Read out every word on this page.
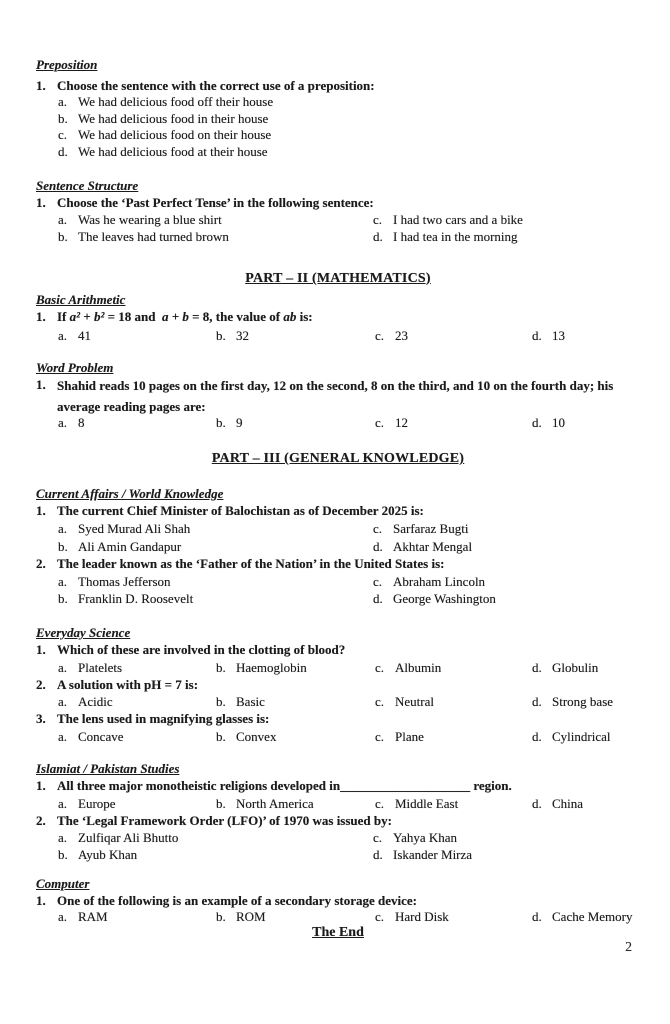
Preposition
1. Choose the sentence with the correct use of a preposition:
a. We had delicious food off their house
b. We had delicious food in their house
c. We had delicious food on their house
d. We had delicious food at their house
Sentence Structure
1. Choose the ‘Past Perfect Tense’ in the following sentence:
a. Was he wearing a blue shirt	c. I had two cars and a bike
b. The leaves had turned brown	d. I had tea in the morning
PART – II (MATHEMATICS)
Basic Arithmetic
1. If a² + b² = 18 and  a + b = 8, the value of ab is:
a. 41	b. 32	c. 23	d. 13
Word Problem
1. Shahid reads 10 pages on the first day, 12 on the second, 8 on the third, and 10 on the fourth day; his
average reading pages are:
a. 8	b. 9	c. 12	d. 10
PART – III (GENERAL KNOWLEDGE)
Current Affairs / World Knowledge
1. The current Chief Minister of Balochistan as of December 2025 is:
a. Syed Murad Ali Shah	c. Sarfaraz Bugti
b. Ali Amin Gandapur	d. Akhtar Mengal
2. The leader known as the ‘Father of the Nation’ in the United States is:
a. Thomas Jefferson	c. Abraham Lincoln
b. Franklin D. Roosevelt	d. George Washington
Everyday Science
1. Which of these are involved in the clotting of blood?
a. Platelets	b. Haemoglobin	c. Albumin	d. Globulin
2. A solution with pH = 7 is:
a. Acidic	b. Basic	c. Neutral	d. Strong base
3. The lens used in magnifying glasses is:
a. Concave	b. Convex	c. Plane	d. Cylindrical
Islamiat / Pakistan Studies
1. All three major monotheistic religions developed in____________________ region.
a. Europe	b. North America	c. Middle East	d. China
2. The ‘Legal Framework Order (LFO)’ of 1970 was issued by:
a. Zulfiqar Ali Bhutto	c. Yahya Khan
b. Ayub Khan	d. Iskander Mirza
Computer
1. One of the following is an example of a secondary storage device:
a. RAM	b. ROM	c. Hard Disk	d. Cache Memory
The End
2
